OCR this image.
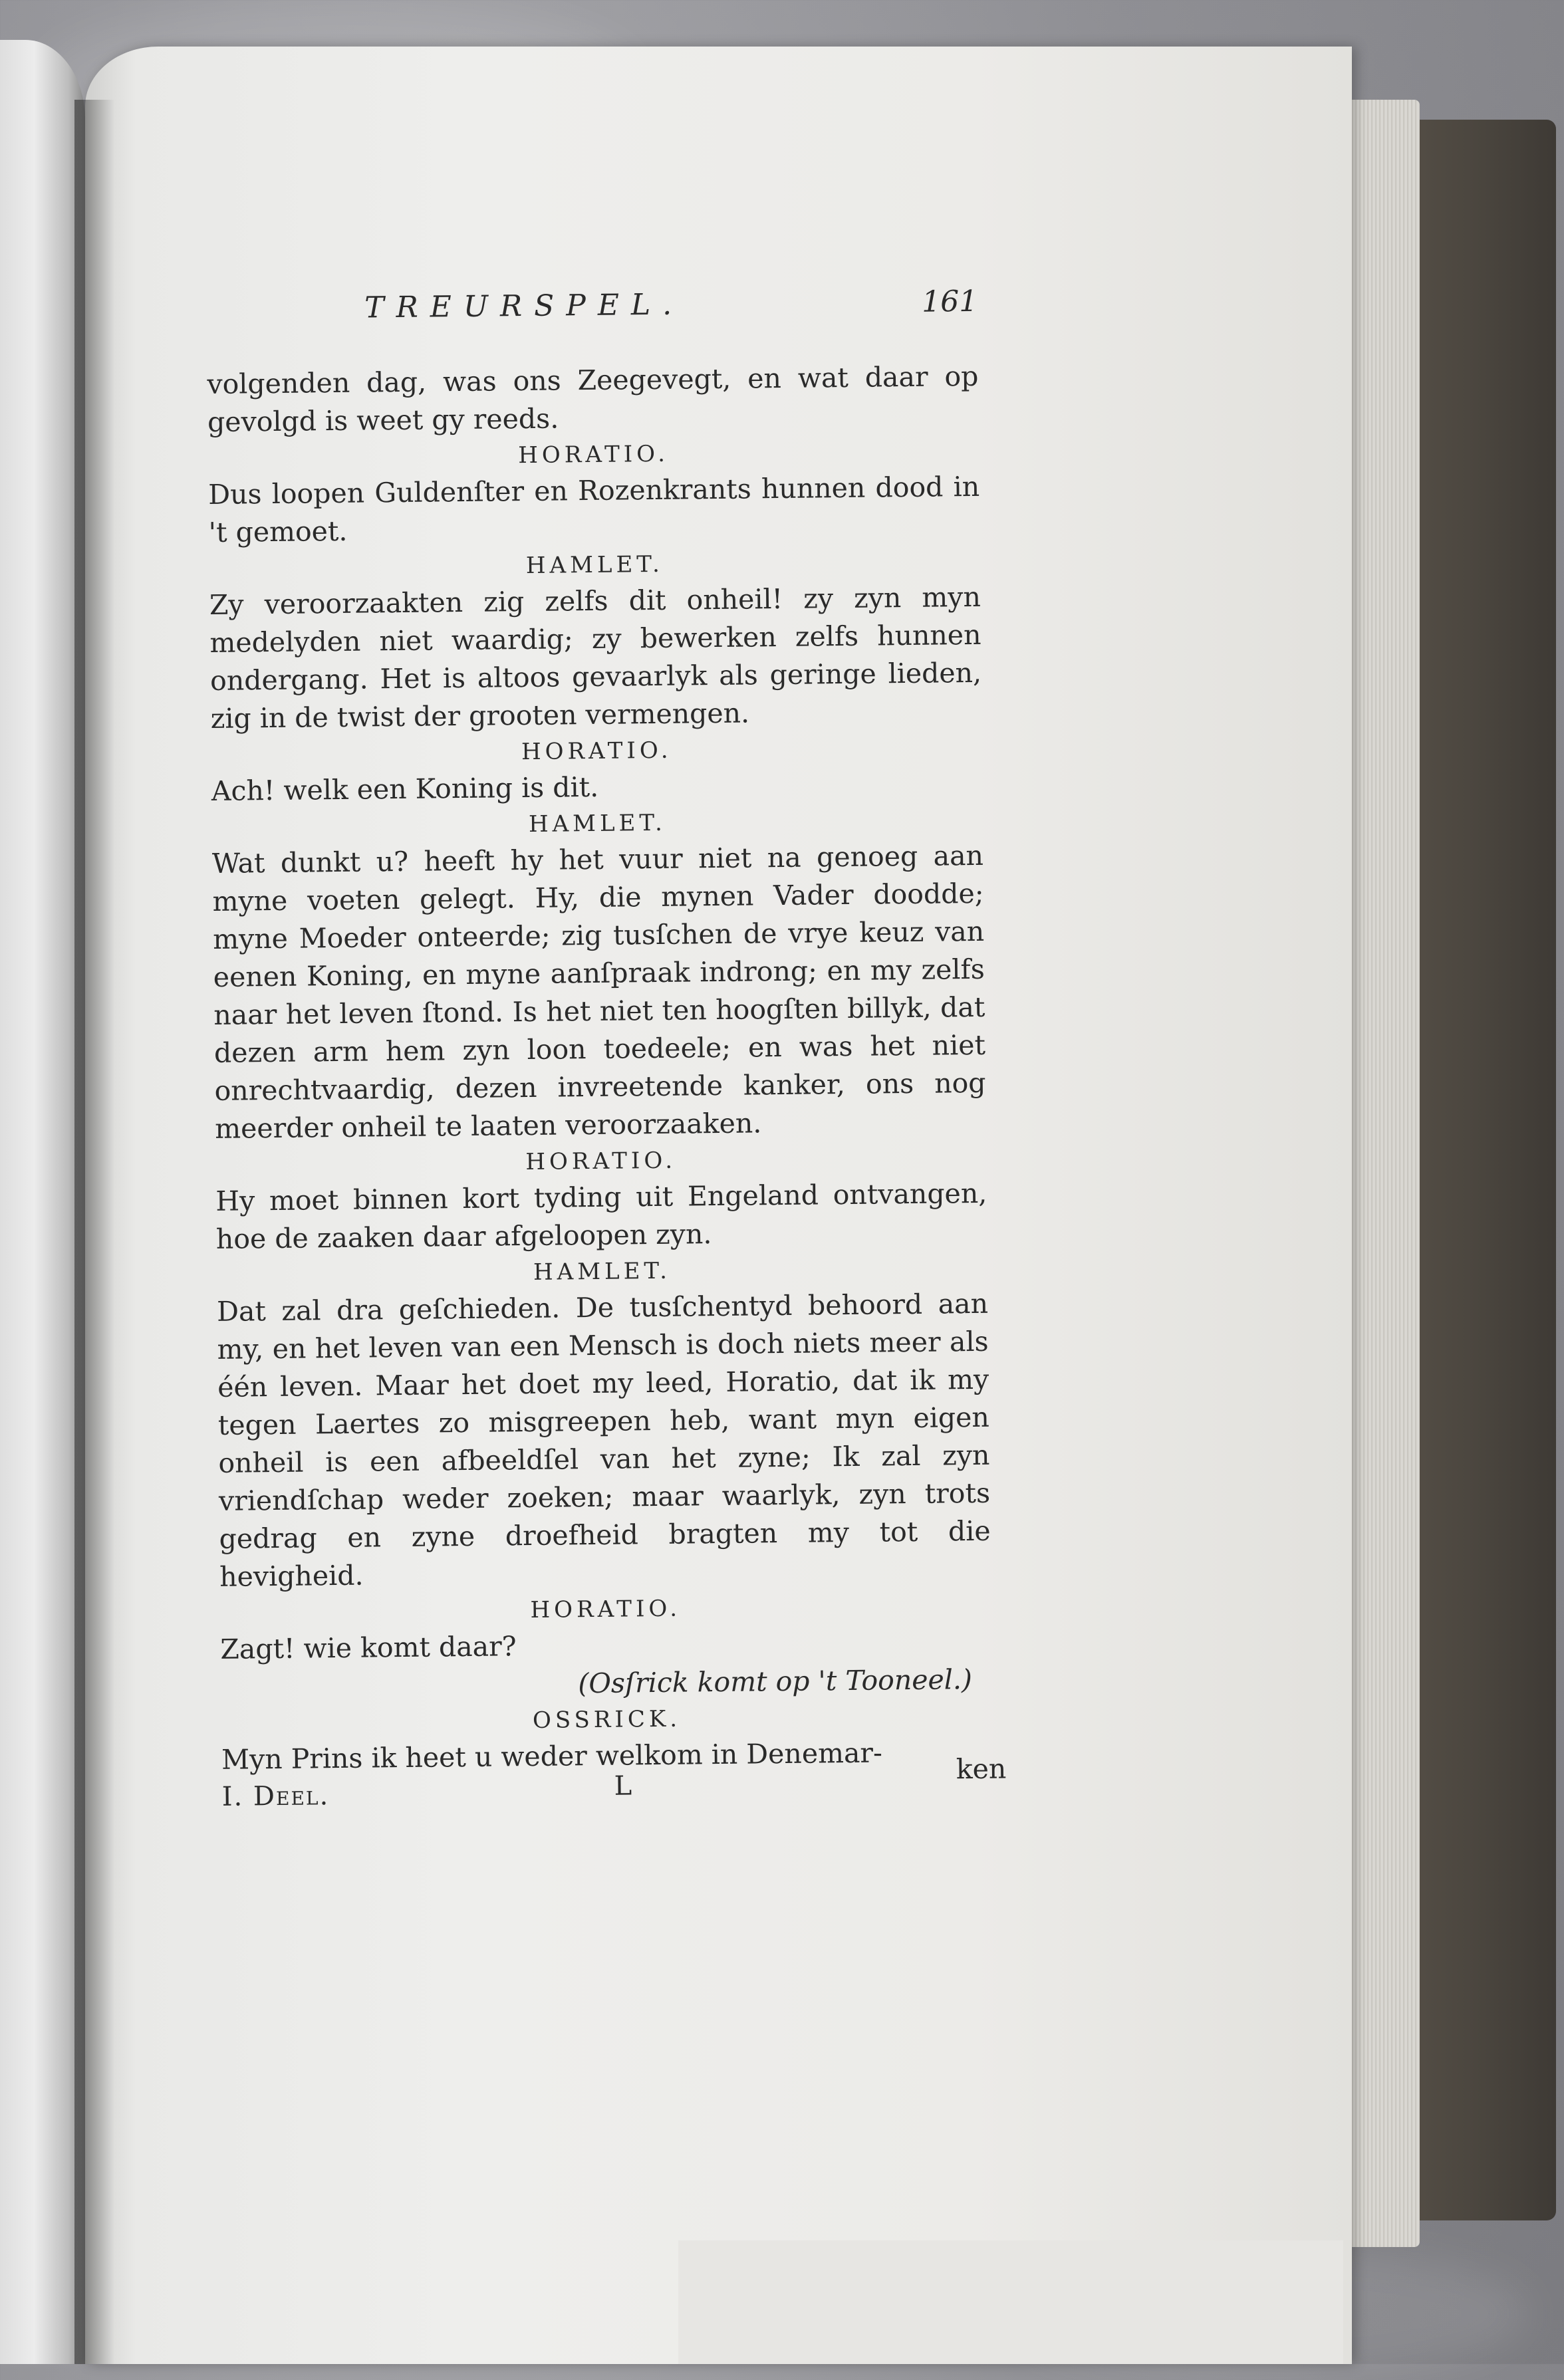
TREURSPEL.	161

volgenden dag, was ons Zeegevegt, en wat daar op gevolgd is weet gy reeds.

HORATIO.

Dus loopen Guldenſter en Rozenkrants hunnen dood in 't gemoet.

HAMLET.

Zy veroorzaakten zig zelfs dit onheil! zy zyn myn medelyden niet waardig; zy bewerken zelfs hunnen ondergang. Het is altoos gevaarlyk als geringe lieden, zig in de twist der grooten vermengen.

HORATIO.

Ach! welk een Koning is dit.

HAMLET.

Wat dunkt u? heeft hy het vuur niet na genoeg aan myne voeten gelegt. Hy, die mynen Vader doodde; myne Moeder onteerde; zig tusſchen de vrye keuz van eenen Koning, en myne aanſpraak indrong; en my zelfs naar het leven ſtond. Is het niet ten hoogſten billyk, dat dezen arm hem zyn loon toedeele; en was het niet onrechtvaardig, dezen invreetende kanker, ons nog meerder onheil te laaten veroorzaaken.

HORATIO.

Hy moet binnen kort tyding uit Engeland ontvangen, hoe de zaaken daar afgeloopen zyn.

HAMLET.

Dat zal dra geſchieden. De tusſchentyd behoord aan my, en het leven van een Mensch is doch niets meer als één leven. Maar het doet my leed, Horatio, dat ik my tegen Laertes zo misgreepen heb, want myn eigen onheil is een afbeeldſel van het zyne; Ik zal zyn vriendſchap weder zoeken; maar waarlyk, zyn trots gedrag en zyne droefheid bragten my tot die hevigheid.

HORATIO.

Zagt! wie komt daar?

(Osſrick komt op 't Tooneel.)

OSSRICK.

Myn Prins ik heet u weder welkom in Denemar-	ken
I. Deel.	L
